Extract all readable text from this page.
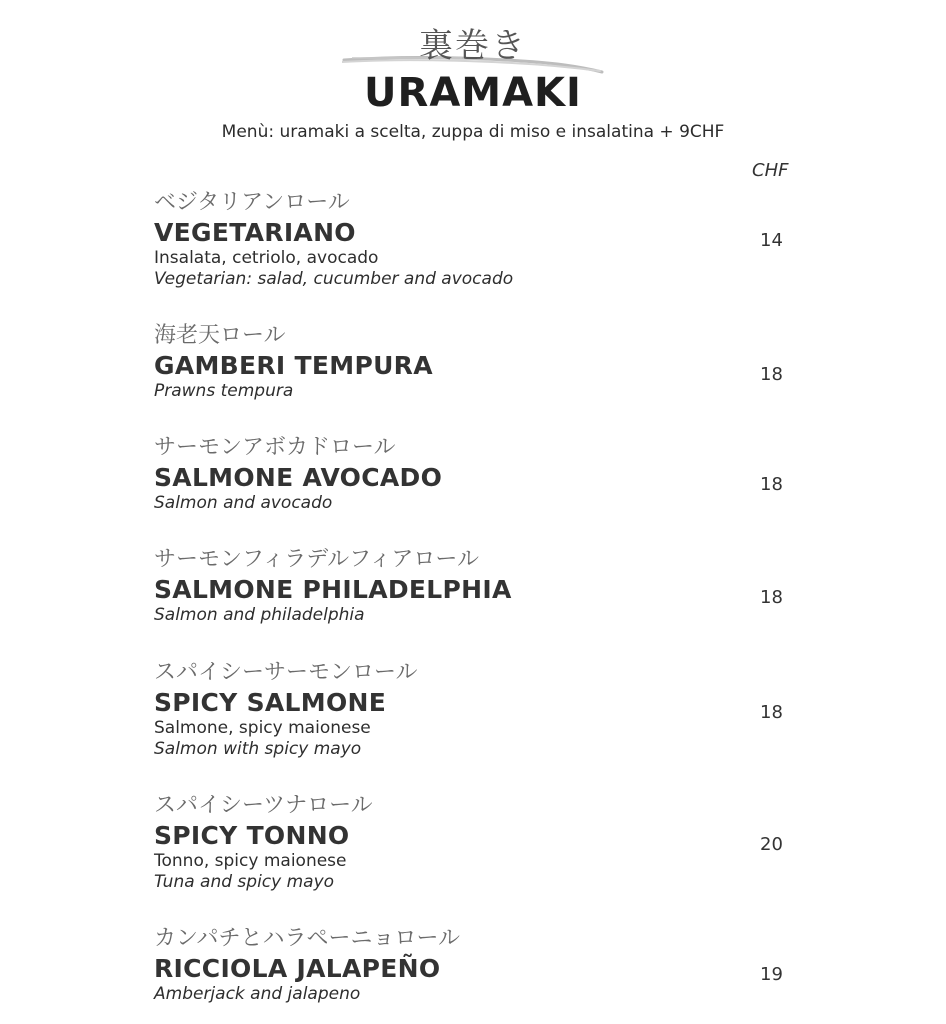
裏巻き
URAMAKI
Menù: uramaki a scelta, zuppa di miso e insalatina + 9CHF
CHF
ベジタリアンロール
VEGETARIANO
Insalata, cetriolo, avocado
Vegetarian: salad, cucumber and avocado
14
海老天ロール
GAMBERI TEMPURA
Prawns tempura
18
サーモンアボカドロール
SALMONE AVOCADO
Salmon and avocado
18
サーモンフィラデルフィアロール
SALMONE PHILADELPHIA
Salmon and philadelphia
18
スパイシーサーモンロール
SPICY SALMONE
Salmone, spicy maionese
Salmon with spicy mayo
18
スパイシーツナロール
SPICY TONNO
Tonno, spicy maionese
Tuna and spicy mayo
20
カンパチとハラペーニョロール
RICCIOLA JALAPEÑO
Amberjack and jalapeno
19
